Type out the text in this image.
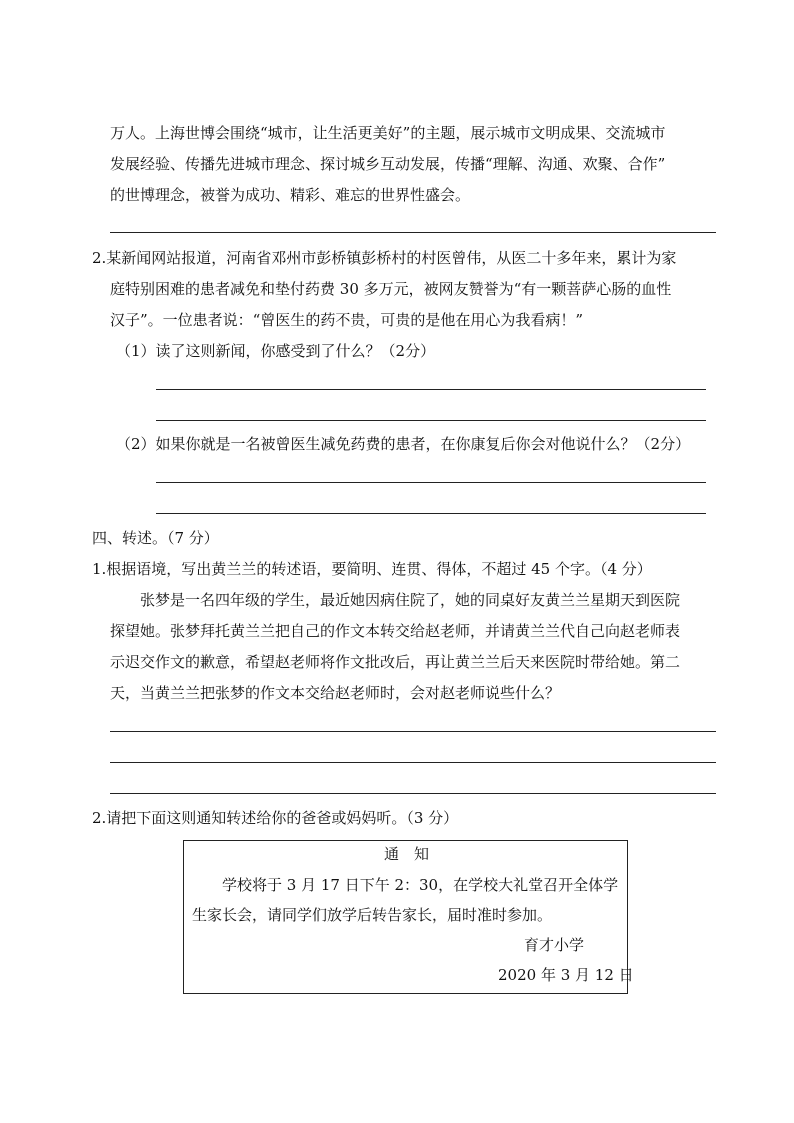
万人。上海世博会围绕“城市，让生活更美好”的主题，展示城市文明成果、交流城市
发展经验、传播先进城市理念、探讨城乡互动发展，传播“理解、沟通、欢聚、合作”
的世博理念，被誉为成功、精彩、难忘的世界性盛会。
2.某新闻网站报道，河南省邓州市彭桥镇彭桥村的村医曾伟，从医二十多年来，累计为家
庭特别困难的患者减免和垫付药费 30 多万元，被网友赞誉为“有一颗菩萨心肠的血性
汉子”。一位患者说：“曾医生的药不贵，可贵的是他在用心为我看病！”
（1）读了这则新闻，你感受到了什么？（2分）
（2）如果你就是一名被曾医生减免药费的患者，在你康复后你会对他说什么？（2分）
四、转述。（7 分）
1.根据语境，写出黄兰兰的转述语，要简明、连贯、得体，不超过 45 个字。（4 分）
张梦是一名四年级的学生，最近她因病住院了，她的同桌好友黄兰兰星期天到医院
探望她。张梦拜托黄兰兰把自己的作文本转交给赵老师，并请黄兰兰代自己向赵老师表
示迟交作文的歉意，希望赵老师将作文批改后，再让黄兰兰后天来医院时带给她。第二
天，当黄兰兰把张梦的作文本交给赵老师时，会对赵老师说些什么？
2.请把下面这则通知转述给你的爸爸或妈妈听。（3 分）
通　知
学校将于 3 月 17 日下午 2：30，在学校大礼堂召开全体学
生家长会，请同学们放学后转告家长，届时准时参加。
育才小学
2020 年 3 月 12 日
